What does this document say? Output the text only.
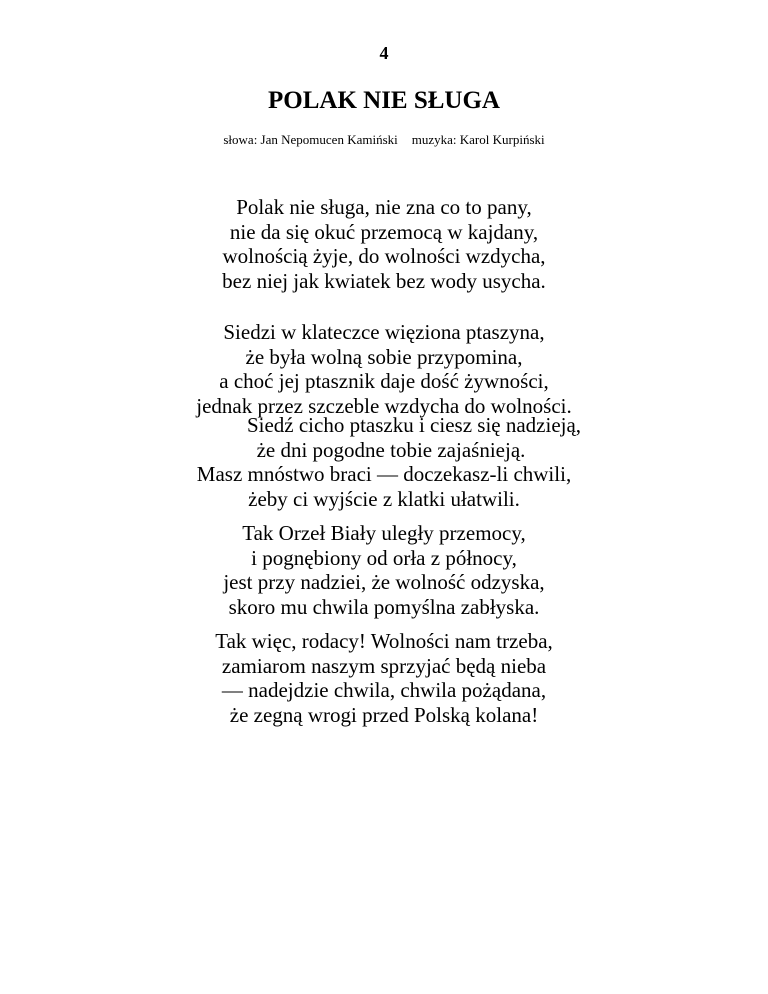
4
POLAK NIE SŁUGA
słowa: Jan Nepomucen Kamiński muzyka: Karol Kurpiński
Polak nie sługa, nie zna co to pany,
nie da się okuć przemocą w kajdany,
wolnością żyje, do wolności wzdycha,
bez niej jak kwiatek bez wody usycha.
Siedzi w klateczce więziona ptaszyna,
że była wolną sobie przypomina,
a choć jej ptasznik daje dość żywności,
jednak przez szczeble wzdycha do wolności.
Siedź cicho ptaszku i ciesz się nadzieją,
że dni pogodne tobie zajaśnieją.
Masz mnóstwo braci — doczekasz-li chwili,
żeby ci wyjście z klatki ułatwili.
Tak Orzeł Biały uległy przemocy,
i pognębiony od orła z północy,
jest przy nadziei, że wolność odzyska,
skoro mu chwila pomyślna zabłyska.
Tak więc, rodacy! Wolności nam trzeba,
zamiarom naszym sprzyjać będą nieba
— nadejdzie chwila, chwila pożądana,
że zegną wrogi przed Polską kolana!
